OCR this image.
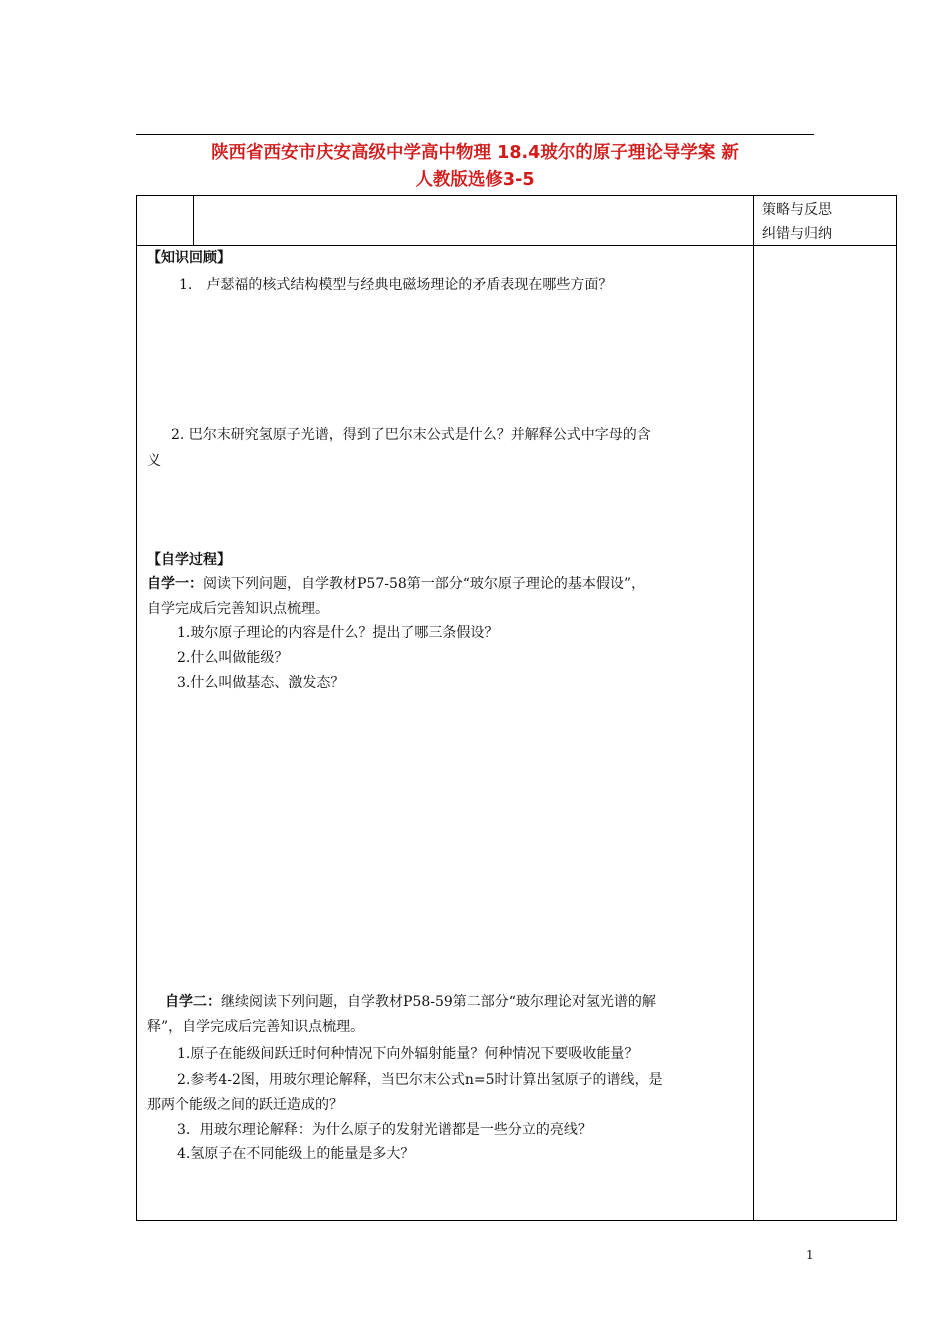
陕西省西安市庆安高级中学高中物理 18.4玻尔的原子理论导学案 新
人教版选修3-5
策略与反思
纠错与归纳
【知识回顾】
1.　卢瑟福的核式结构模型与经典电磁场理论的矛盾表现在哪些方面？
2. 巴尔末研究氢原子光谱，得到了巴尔末公式是什么？并解释公式中字母的含
义
【自学过程】
自学一：阅读下列问题，自学教材P57-58第一部分“玻尔原子理论的基本假设”，
自学完成后完善知识点梳理。
1.玻尔原子理论的内容是什么？提出了哪三条假设？
2.什么叫做能级？
3.什么叫做基态、激发态？
自学二：继续阅读下列问题，自学教材P58-59第二部分“玻尔理论对氢光谱的解
释”，自学完成后完善知识点梳理。
1.原子在能级间跃迁时何种情况下向外辐射能量？何种情况下要吸收能量？
2.参考4-2图，用玻尔理论解释，当巴尔末公式n=5时计算出氢原子的谱线，是
那两个能级之间的跃迁造成的？
3．用玻尔理论解释：为什么原子的发射光谱都是一些分立的亮线？
4.氢原子在不同能级上的能量是多大？
1
